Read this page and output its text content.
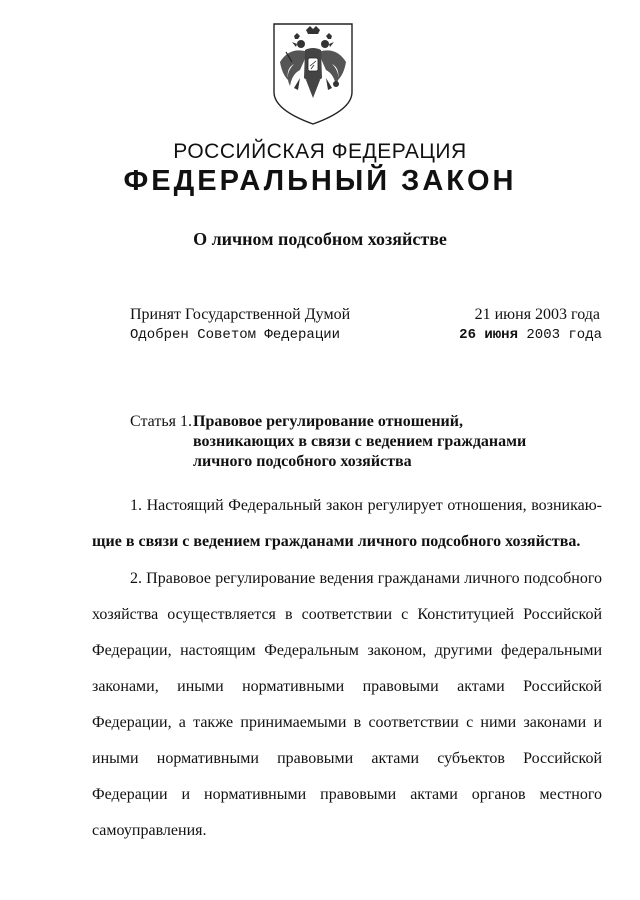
РОССИЙСКАЯ ФЕДЕРАЦИЯ
ФЕДЕРАЛЬНЫЙ ЗАКОН
О личном подсобном хозяйстве
Принят Государственной Думой	21 июня 2003 года
Одобрен Советом Федерации	26 июня 2003 года
Статья 1. Правовое регулирование отношений, возникающих в связи с ведением гражданами личного подсобного хозяйства
1. Настоящий Федеральный закон регулирует отношения, возникаю- щие в связи с ведением гражданами личного подсобного хозяйства.
2. Правовое регулирование ведения гражданами личного подсобного хозяйства осуществляется в соответствии с Конституцией Российской Федерации, настоящим Федеральным законом, другими федеральными законами, иными нормативными правовыми актами Российской Федерации, а также принимаемыми в соответствии с ними законами и иными нормативными правовыми актами субъектов Российской Федерации и нормативными правовыми актами органов местного самоуправления.
